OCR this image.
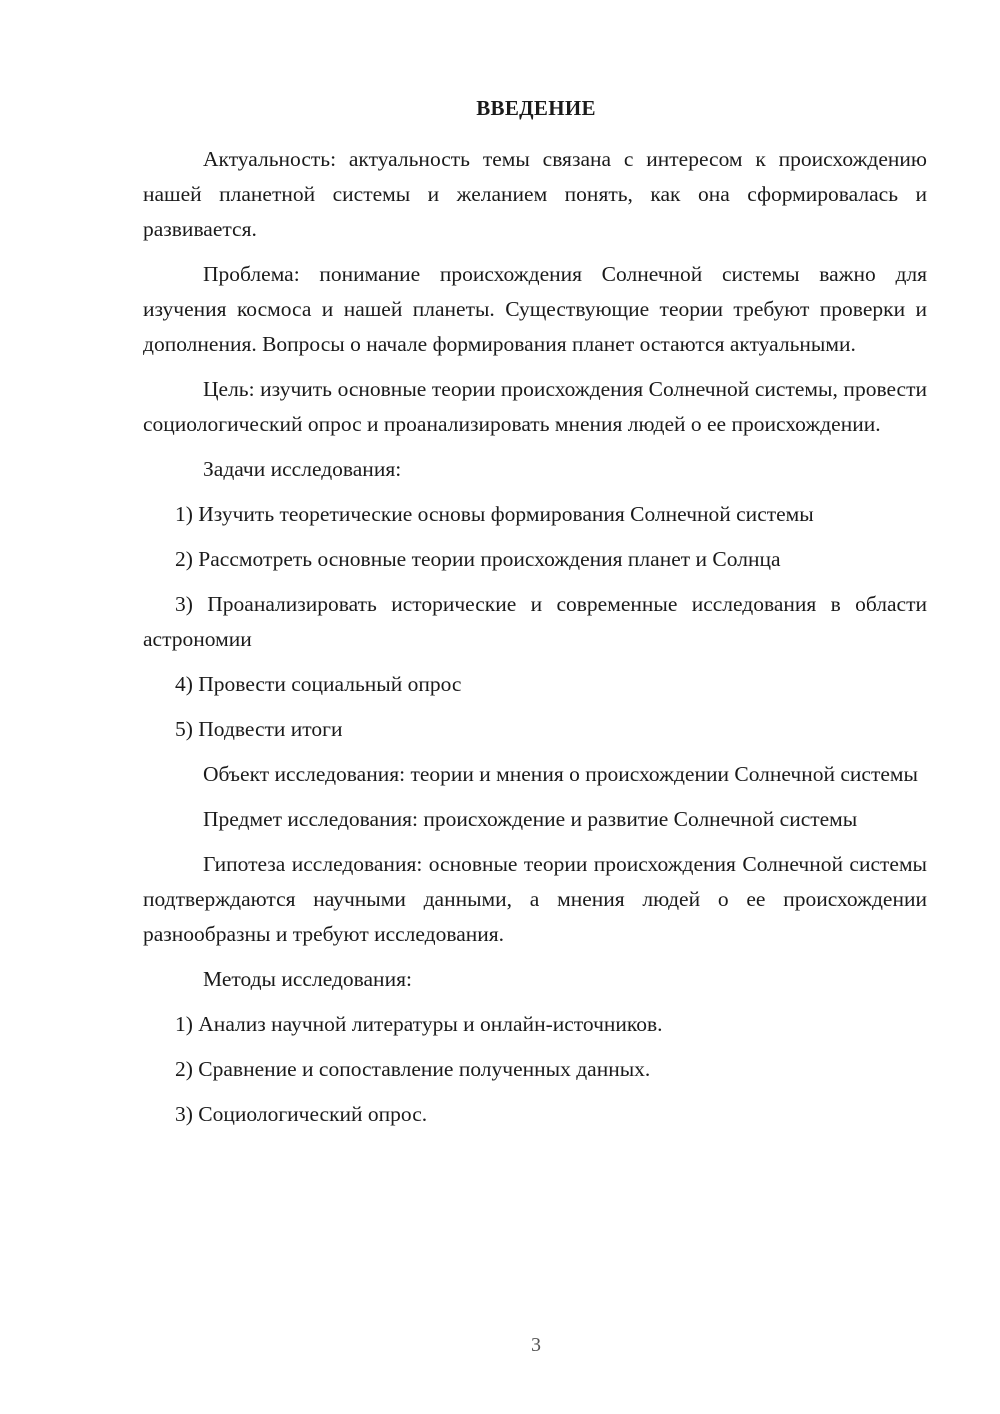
ВВЕДЕНИЕ

Актуальность: актуальность темы связана с интересом к происхождению нашей планетной системы и желанием понять, как она сформировалась и развивается.

Проблема: понимание происхождения Солнечной системы важно для изучения космоса и нашей планеты. Существующие теории требуют проверки и дополнения. Вопросы о начале формирования планет остаются актуальными.

Цель: изучить основные теории происхождения Солнечной системы, провести социологический опрос и проанализировать мнения людей о ее происхождении.

Задачи исследования:

1) Изучить теоретические основы формирования Солнечной системы

2) Рассмотреть основные теории происхождения планет и Солнца

3) Проанализировать исторические и современные исследования в области астрономии

4) Провести социальный опрос

5) Подвести итоги

Объект исследования: теории и мнения о происхождении Солнечной системы

Предмет исследования: происхождение и развитие Солнечной системы

Гипотеза исследования: основные теории происхождения Солнечной системы подтверждаются научными данными, а мнения людей о ее происхождении разнообразны и требуют исследования.

Методы исследования:

1) Анализ научной литературы и онлайн-источников.

2) Сравнение и сопоставление полученных данных.

3) Социологический опрос.

3
